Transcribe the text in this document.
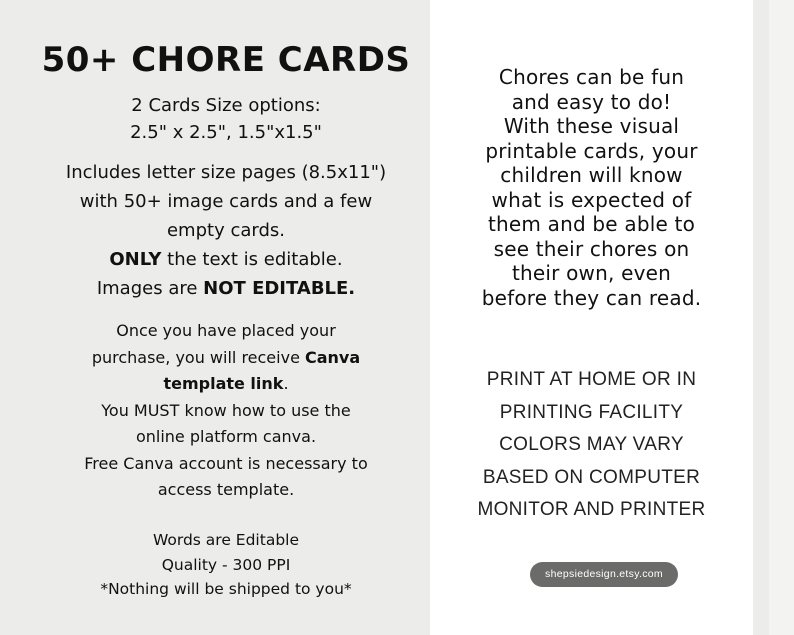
50+ CHORE CARDS
2 Cards Size options:
2.5" x 2.5", 1.5"x1.5"
Includes letter size pages (8.5x11")
with 50+ image cards and a few
empty cards.
ONLY the text is editable.
Images are NOT EDITABLE.
Once you have placed your
purchase, you will receive Canva
template link.
You MUST know how to use the
online platform canva.
Free Canva account is necessary to
access template.
Words are Editable
Quality - 300 PPI
*Nothing will be shipped to you*
Chores can be fun
and easy to do!
With these visual
printable cards, your
children will know
what is expected of
them and be able to
see their chores on
their own, even
before they can read.
PRINT AT HOME OR IN
PRINTING FACILITY
COLORS MAY VARY
BASED ON COMPUTER
MONITOR AND PRINTER
shepsiedesign.etsy.com
